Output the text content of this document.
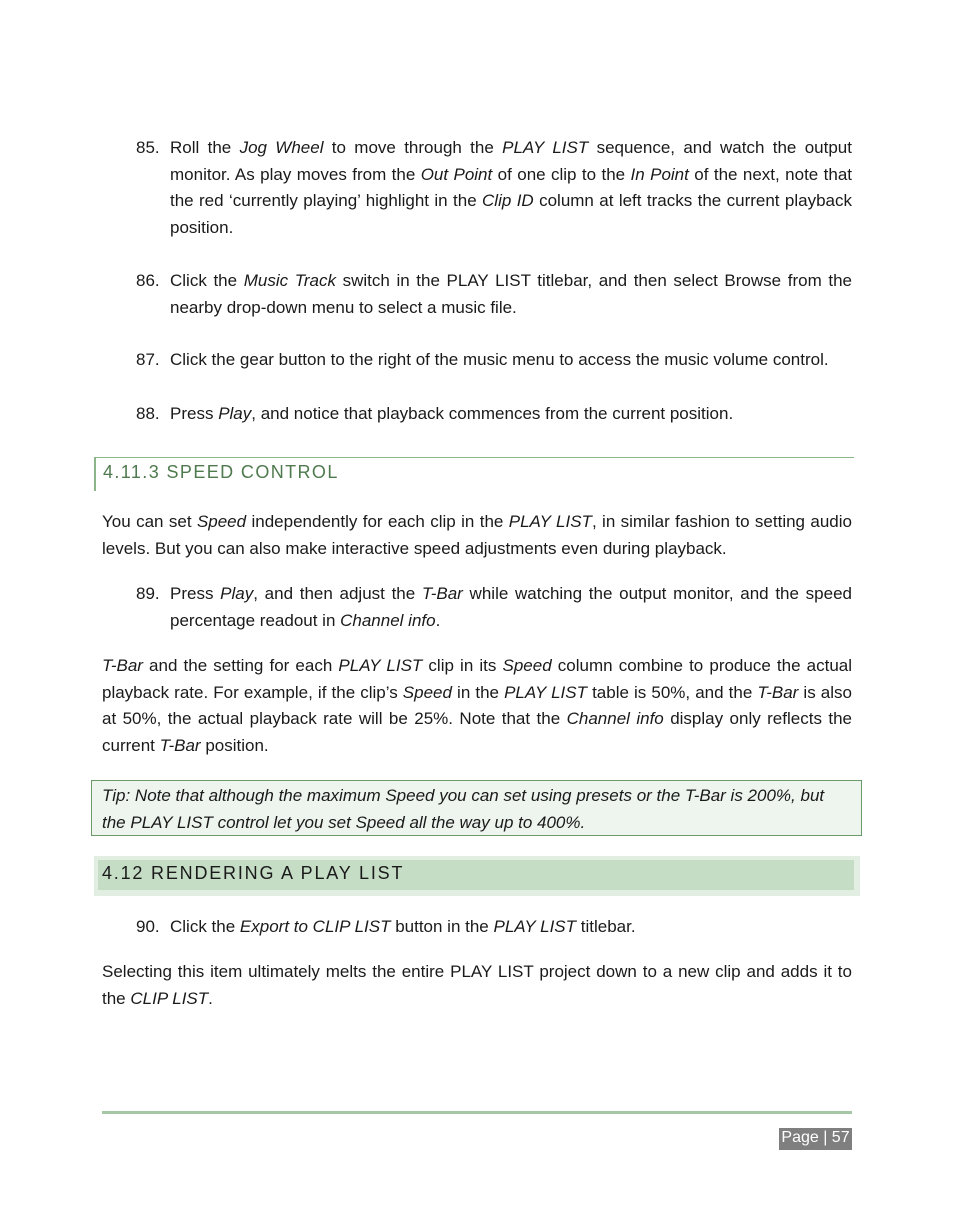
85. Roll the Jog Wheel to move through the PLAY LIST sequence, and watch the output monitor. As play moves from the Out Point of one clip to the In Point of the next, note that the red ‘currently playing’ highlight in the Clip ID column at left tracks the current playback position.
86. Click the Music Track switch in the PLAY LIST titlebar, and then select Browse from the nearby drop-down menu to select a music file.
87. Click the gear button to the right of the music menu to access the music volume control.
88. Press Play, and notice that playback commences from the current position.
4.11.3 SPEED CONTROL
You can set Speed independently for each clip in the PLAY LIST, in similar fashion to setting audio levels. But you can also make interactive speed adjustments even during playback.
89. Press Play, and then adjust the T-Bar while watching the output monitor, and the speed percentage readout in Channel info.
T-Bar and the setting for each PLAY LIST clip in its Speed column combine to produce the actual playback rate. For example, if the clip’s Speed in the PLAY LIST table is 50%, and the T-Bar is also at 50%, the actual playback rate will be 25%. Note that the Channel info display only reflects the current T-Bar position.
Tip: Note that although the maximum Speed you can set using presets or the T-Bar is 200%, but the PLAY LIST control let you set Speed all the way up to 400%.
4.12 RENDERING A PLAY LIST
90. Click the Export to CLIP LIST button in the PLAY LIST titlebar.
Selecting this item ultimately melts the entire PLAY LIST project down to a new clip and adds it to the CLIP LIST.
Page | 57
